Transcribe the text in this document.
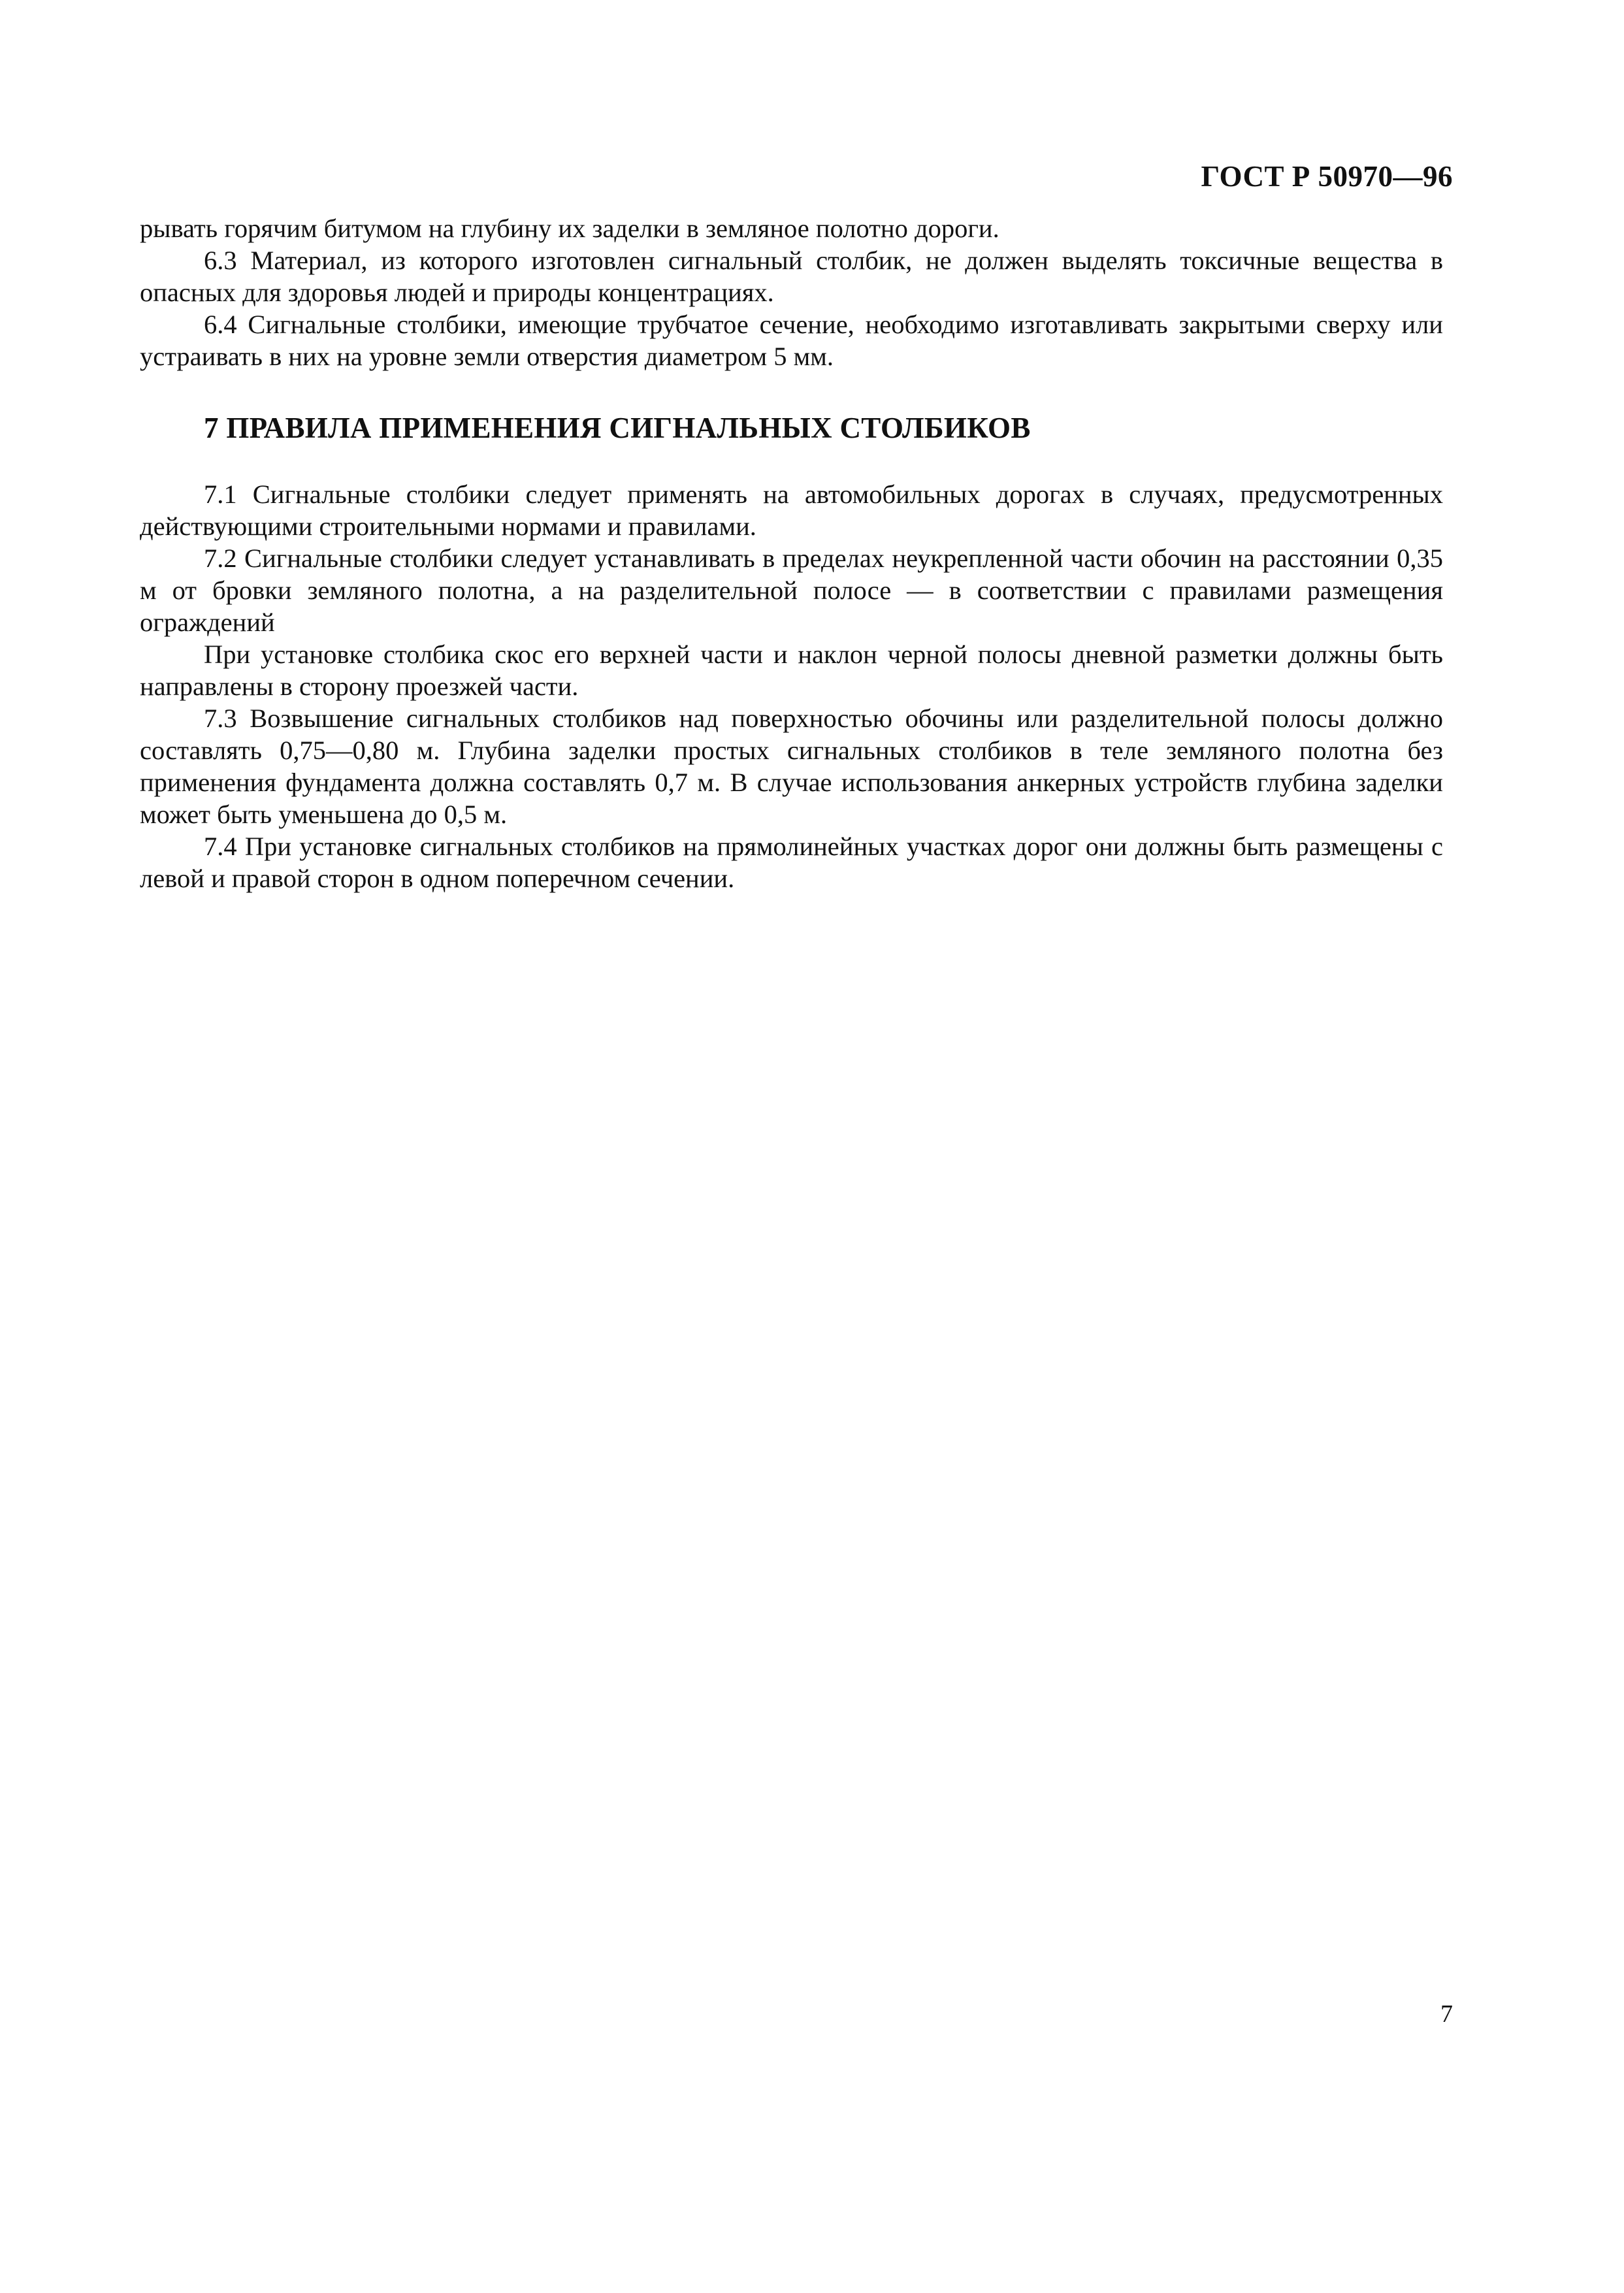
ГОСТ Р 50970—96

рывать горячим битумом на глубину их заделки в земляное полотно дороги.

6.3 Материал, из которого изготовлен сигнальный столбик, не должен выделять токсичные вещества в опасных для здоровья людей и природы концентрациях.

6.4 Сигнальные столбики, имеющие трубчатое сечение, необходимо изготавливать закрытыми сверху или устраивать в них на уровне земли отверстия диаметром 5 мм.

7 ПРАВИЛА ПРИМЕНЕНИЯ СИГНАЛЬНЫХ СТОЛБИКОВ

7.1 Сигнальные столбики следует применять на автомобильных дорогах в случаях, предусмотренных действующими строительными нормами и правилами.

7.2 Сигнальные столбики следует устанавливать в пределах неукрепленной части обочин на расстоянии 0,35 м от бровки земляного полотна, а на разделительной полосе — в соответствии с правилами размещения ограждений

При установке столбика скос его верхней части и наклон черной полосы дневной разметки должны быть направлены в сторону проезжей части.

7.3 Возвышение сигнальных столбиков над поверхностью обочины или разделительной полосы должно составлять 0,75—0,80 м. Глубина заделки простых сигнальных столбиков в теле земляного полотна без применения фундамента должна составлять 0,7 м. В случае использования анкерных устройств глубина заделки может быть уменьшена до 0,5 м.

7.4 При установке сигнальных столбиков на прямолинейных участках дорог они должны быть размещены с левой и правой сторон в одном поперечном сечении.

7
